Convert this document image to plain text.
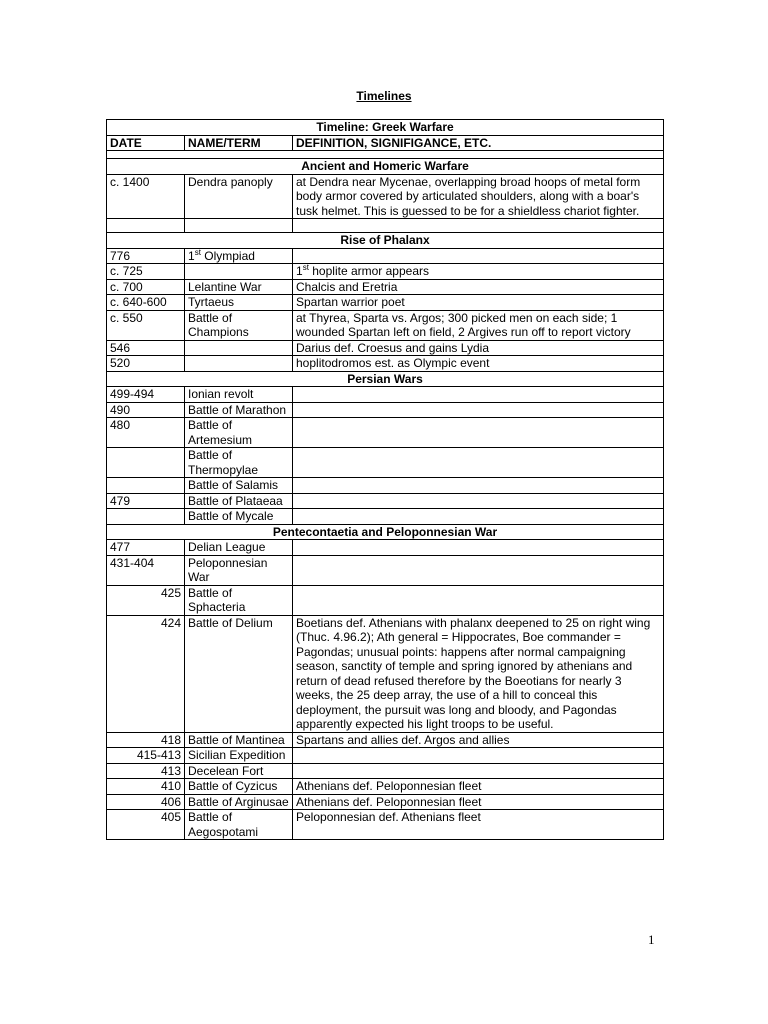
Timelines
Timeline: Greek Warfare		
DATE	NAME/TERM	DEFINITION, SIGNIFIGANCE, ETC.

Ancient and Homeric Warfare		
c. 1400	Dendra panoply	at Dendra near Mycenae, overlapping broad hoops of metal form body armor covered by articulated shoulders, along with a boar's tusk helmet. This is guessed to be for a shieldless chariot fighter.

Rise of Phalanx		
776	1st Olympiad	
c. 725		1st hoplite armor appears
c. 700	Lelantine War	Chalcis and Eretria
c. 640-600	Tyrtaeus	Spartan warrior poet
c. 550	Battle of Champions	at Thyrea, Sparta vs. Argos; 300 picked men on each side; 1 wounded Spartan left on field, 2 Argives run off to report victory
546		Darius def. Croesus and gains Lydia
520		hoplitodromos est. as Olympic event
Persian Wars		
499-494	Ionian revolt	
490	Battle of Marathon	
480	Battle of Artemesium	
	Battle of Thermopylae	
	Battle of Salamis	
479	Battle of Plataeaa	
	Battle of Mycale	
Pentecontaetia and Peloponnesian War		
477	Delian League	
431-404	Peloponnesian War	
425	Battle of Sphacteria	
424	Battle of Delium	Boetians def. Athenians with phalanx deepened to 25 on right wing (Thuc. 4.96.2); Ath general = Hippocrates, Boe commander = Pagondas; unusual points: happens after normal campaigning season, sanctity of temple and spring ignored by athenians and return of dead refused therefore by the Boeotians for nearly 3 weeks, the 25 deep array, the use of a hill to conceal this deployment, the pursuit was long and bloody, and Pagondas apparently expected his light troops to be useful.
418	Battle of Mantinea	Spartans and allies def. Argos and allies
415-413	Sicilian Expedition	
413	Decelean Fort	
410	Battle of Cyzicus	Athenians def. Peloponnesian fleet
406	Battle of Arginusae	Athenians def. Peloponnesian fleet
405	Battle of Aegospotami	Peloponnesian def. Athenians fleet
1
